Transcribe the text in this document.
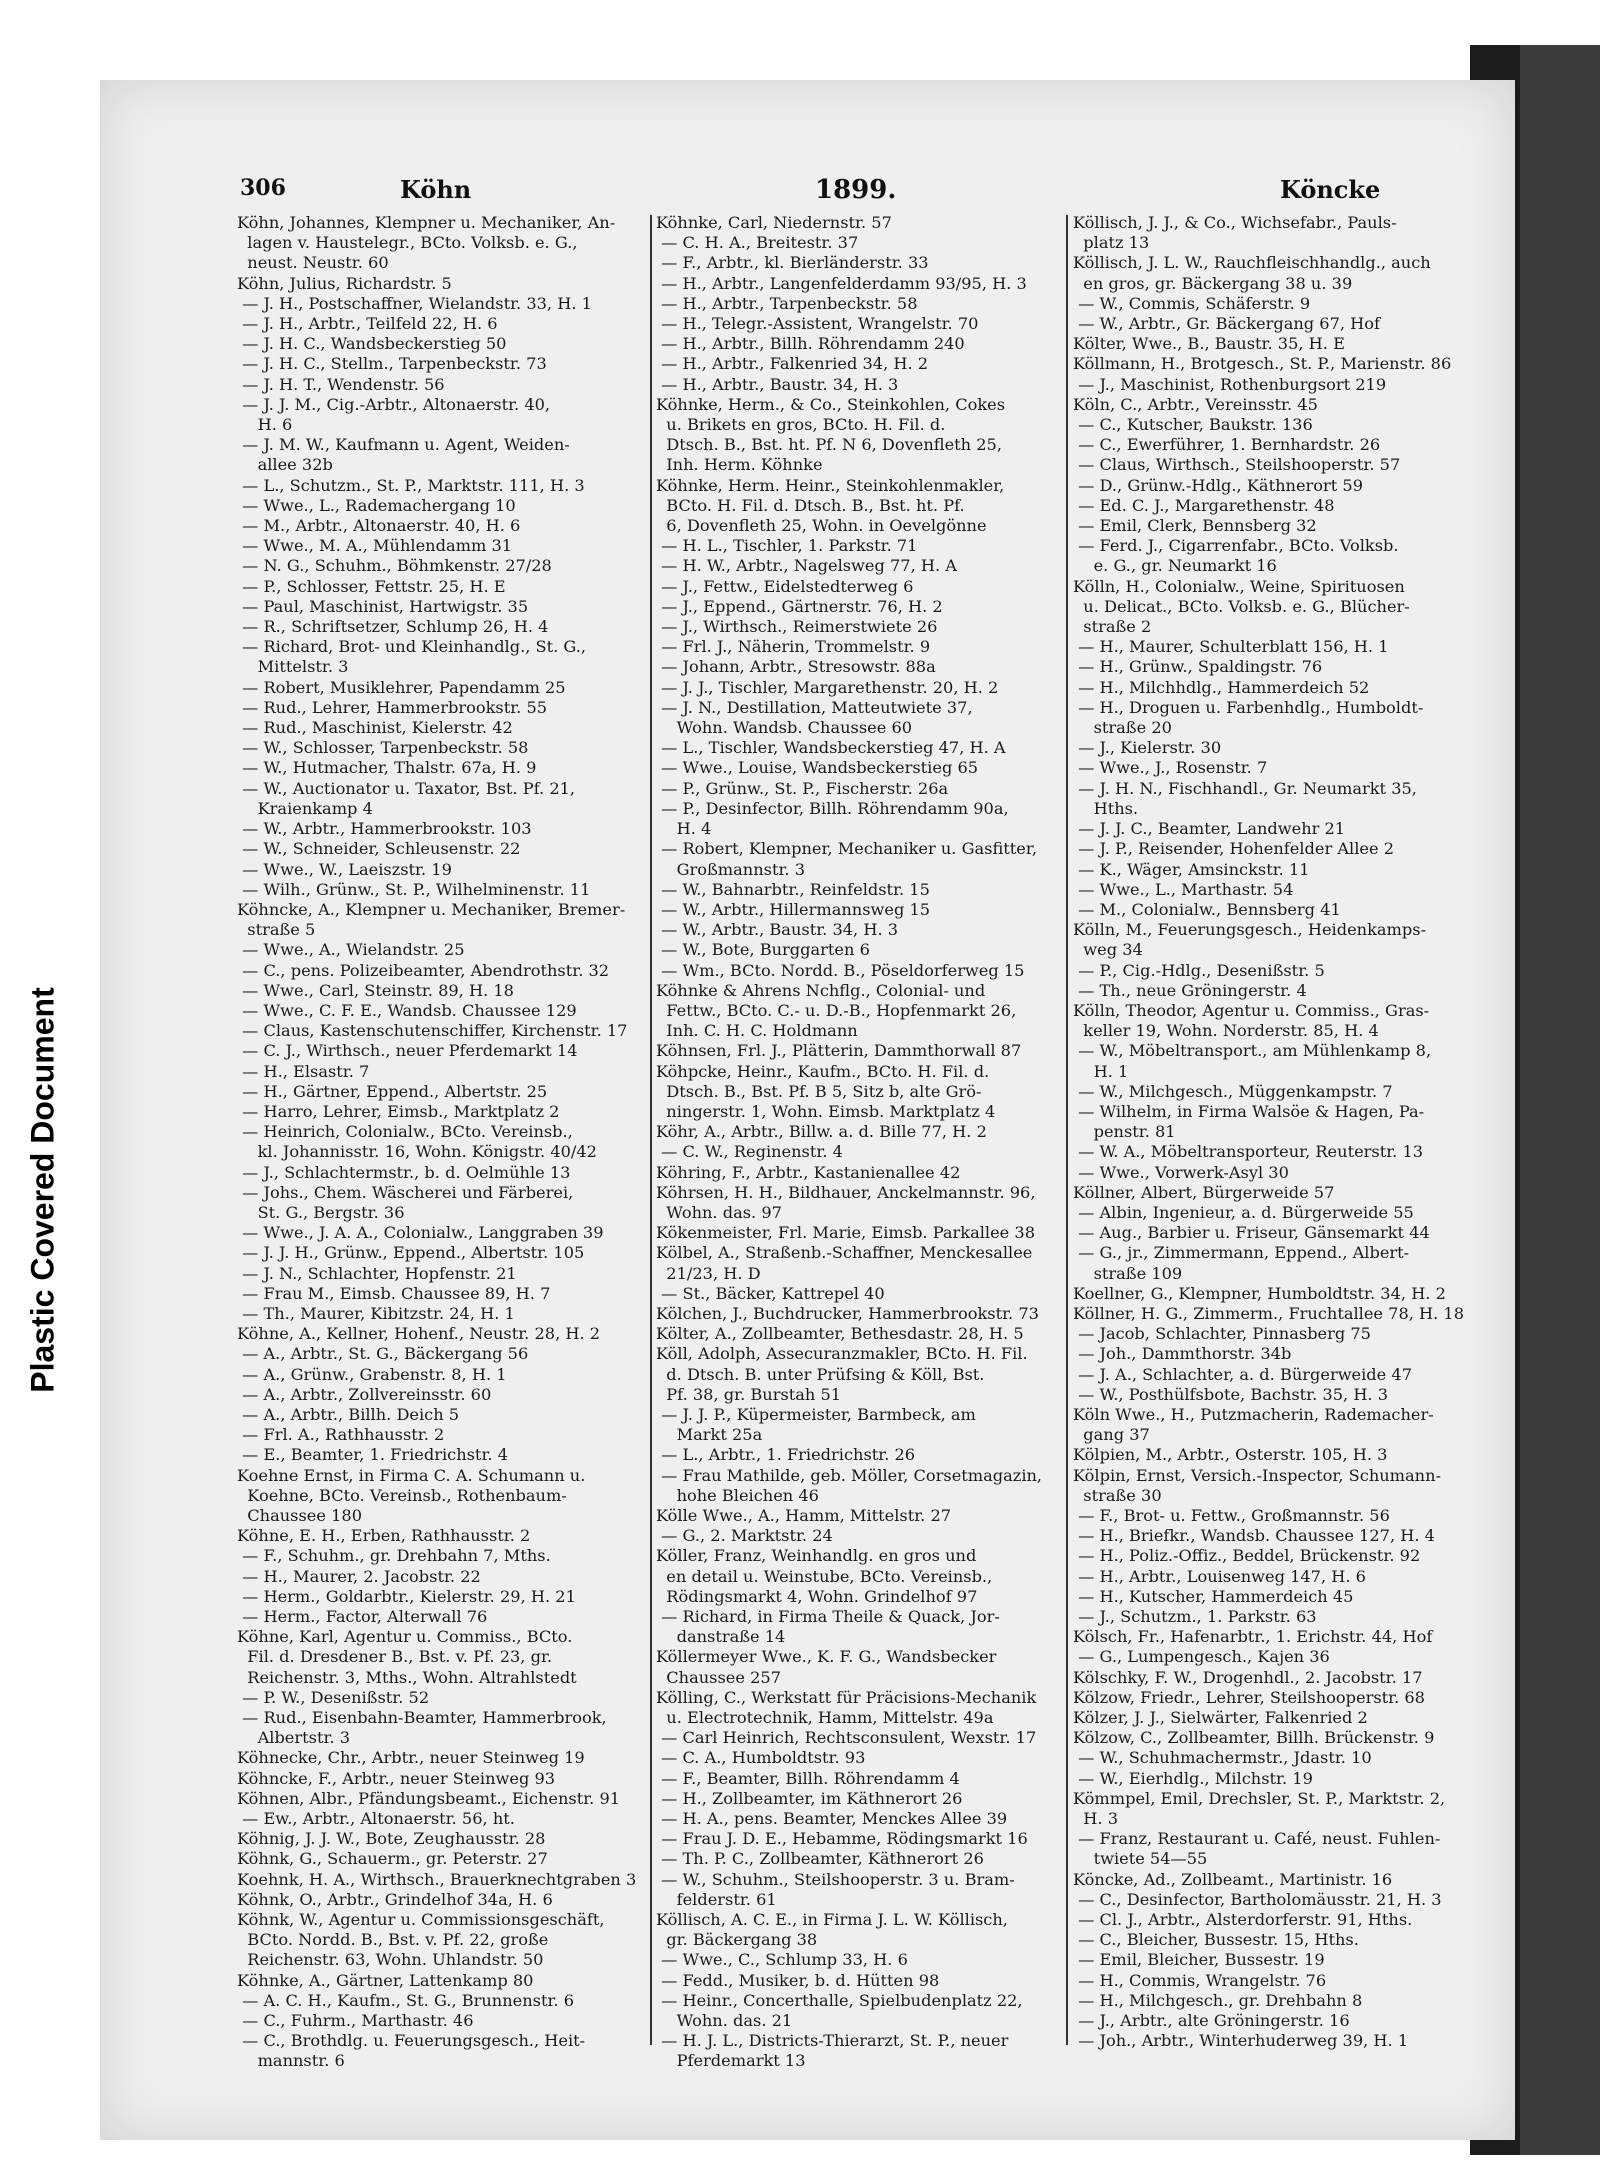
Plastic Covered Document
306	Köhn	1899.	Köncke

Köhn, Johannes, Klempner u. Mechaniker, An-

lagen v. Haustelegr., BCto. Volksb. e. G.,

neust. Neustr. 60

Köhn, Julius, Richardstr. 5

— J. H., Postschaffner, Wielandstr. 33, H. 1

— J. H., Arbtr., Teilfeld 22, H. 6

— J. H. C., Wandsbeckerstieg 50

— J. H. C., Stellm., Tarpenbeckstr. 73

— J. H. T., Wendenstr. 56

— J. J. M., Cig.-Arbtr., Altonaerstr. 40,

H. 6

— J. M. W., Kaufmann u. Agent, Weiden-

allee 32b

— L., Schutzm., St. P., Marktstr. 111, H. 3

— Wwe., L., Rademachergang 10

— M., Arbtr., Altonaerstr. 40, H. 6

— Wwe., M. A., Mühlendamm 31

— N. G., Schuhm., Böhmkenstr. 27/28

— P., Schlosser, Fettstr. 25, H. E

— Paul, Maschinist, Hartwigstr. 35

— R., Schriftsetzer, Schlump 26, H. 4

— Richard, Brot- und Kleinhandlg., St. G.,

Mittelstr. 3

— Robert, Musiklehrer, Papendamm 25

— Rud., Lehrer, Hammerbrookstr. 55

— Rud., Maschinist, Kielerstr. 42

— W., Schlosser, Tarpenbeckstr. 58

— W., Hutmacher, Thalstr. 67a, H. 9

— W., Auctionator u. Taxator, Bst. Pf. 21,

Kraienkamp 4

— W., Arbtr., Hammerbrookstr. 103

— W., Schneider, Schleusenstr. 22

— Wwe., W., Laeiszstr. 19

— Wilh., Grünw., St. P., Wilhelminenstr. 11

Köhncke, A., Klempner u. Mechaniker, Bremer-

straße 5

— Wwe., A., Wielandstr. 25

— C., pens. Polizeibeamter, Abendrothstr. 32

— Wwe., Carl, Steinstr. 89, H. 18

— Wwe., C. F. E., Wandsb. Chaussee 129

— Claus, Kastenschutenschiffer, Kirchenstr. 17

— C. J., Wirthsch., neuer Pferdemarkt 14

— H., Elsastr. 7

— H., Gärtner, Eppend., Albertstr. 25

— Harro, Lehrer, Eimsb., Marktplatz 2

— Heinrich, Colonialw., BCto. Vereinsb.,

kl. Johannisstr. 16, Wohn. Königstr. 40/42

— J., Schlachtermstr., b. d. Oelmühle 13

— Johs., Chem. Wäscherei und Färberei,

St. G., Bergstr. 36

— Wwe., J. A. A., Colonialw., Langgraben 39

— J. J. H., Grünw., Eppend., Albertstr. 105

— J. N., Schlachter, Hopfenstr. 21

— Frau M., Eimsb. Chaussee 89, H. 7

— Th., Maurer, Kibitzstr. 24, H. 1

Köhne, A., Kellner, Hohenf., Neustr. 28, H. 2

— A., Arbtr., St. G., Bäckergang 56

— A., Grünw., Grabenstr. 8, H. 1

— A., Arbtr., Zollvereinsstr. 60

— A., Arbtr., Billh. Deich 5

— Frl. A., Rathhausstr. 2

— E., Beamter, 1. Friedrichstr. 4

Koehne Ernst, in Firma C. A. Schumann u.

Koehne, BCto. Vereinsb., Rothenbaum-

Chaussee 180

Köhne, E. H., Erben, Rathhausstr. 2

— F., Schuhm., gr. Drehbahn 7, Mths.

— H., Maurer, 2. Jacobstr. 22

— Herm., Goldarbtr., Kielerstr. 29, H. 21

— Herm., Factor, Alterwall 76

Köhne, Karl, Agentur u. Commiss., BCto.

Fil. d. Dresdener B., Bst. v. Pf. 23, gr.

Reichenstr. 3, Mths., Wohn. Altrahlstedt

— P. W., Desenißstr. 52

— Rud., Eisenbahn-Beamter, Hammerbrook,

Albertstr. 3

Köhnecke, Chr., Arbtr., neuer Steinweg 19

Köhncke, F., Arbtr., neuer Steinweg 93

Köhnen, Albr., Pfändungsbeamt., Eichenstr. 91

— Ew., Arbtr., Altonaerstr. 56, ht.

Köhnig, J. J. W., Bote, Zeughausstr. 28

Köhnk, G., Schauerm., gr. Peterstr. 27

Koehnk, H. A., Wirthsch., Brauerknechtgraben 3

Köhnk, O., Arbtr., Grindelhof 34a, H. 6

Köhnk, W., Agentur u. Commissionsgeschäft,

BCto. Nordd. B., Bst. v. Pf. 22, große

Reichenstr. 63, Wohn. Uhlandstr. 50

Köhnke, A., Gärtner, Lattenkamp 80

— A. C. H., Kaufm., St. G., Brunnenstr. 6

— C., Fuhrm., Marthastr. 46

— C., Brothdlg. u. Feuerungsgesch., Heit-

mannstr. 6

Köhnke, Carl, Niedernstr. 57

— C. H. A., Breitestr. 37

— F., Arbtr., kl. Bierländerstr. 33

— H., Arbtr., Langenfelderdamm 93/95, H. 3

— H., Arbtr., Tarpenbeckstr. 58

— H., Telegr.-Assistent, Wrangelstr. 70

— H., Arbtr., Billh. Röhrendamm 240

— H., Arbtr., Falkenried 34, H. 2

— H., Arbtr., Baustr. 34, H. 3

Köhnke, Herm., & Co., Steinkohlen, Cokes

u. Brikets en gros, BCto. H. Fil. d.

Dtsch. B., Bst. ht. Pf. N 6, Dovenfleth 25,

Inh. Herm. Köhnke

Köhnke, Herm. Heinr., Steinkohlenmakler,

BCto. H. Fil. d. Dtsch. B., Bst. ht. Pf.

6, Dovenfleth 25, Wohn. in Oevelgönne

— H. L., Tischler, 1. Parkstr. 71

— H. W., Arbtr., Nagelsweg 77, H. A

— J., Fettw., Eidelstedterweg 6

— J., Eppend., Gärtnerstr. 76, H. 2

— J., Wirthsch., Reimerstwiete 26

— Frl. J., Näherin, Trommelstr. 9

— Johann, Arbtr., Stresowstr. 88a

— J. J., Tischler, Margarethenstr. 20, H. 2

— J. N., Destillation, Matteutwiete 37,

Wohn. Wandsb. Chaussee 60

— L., Tischler, Wandsbeckerstieg 47, H. A

— Wwe., Louise, Wandsbeckerstieg 65

— P., Grünw., St. P., Fischerstr. 26a

— P., Desinfector, Billh. Röhrendamm 90a,

H. 4

— Robert, Klempner, Mechaniker u. Gasfitter,

Großmannstr. 3

— W., Bahnarbtr., Reinfeldstr. 15

— W., Arbtr., Hillermannsweg 15

— W., Arbtr., Baustr. 34, H. 3

— W., Bote, Burggarten 6

— Wm., BCto. Nordd. B., Pöseldorferweg 15

Köhnke & Ahrens Nchflg., Colonial- und

Fettw., BCto. C.- u. D.-B., Hopfenmarkt 26,

Inh. C. H. C. Holdmann

Köhnsen, Frl. J., Plätterin, Dammthorwall 87

Köhpcke, Heinr., Kaufm., BCto. H. Fil. d.

Dtsch. B., Bst. Pf. B 5, Sitz b, alte Grö-

ningerstr. 1, Wohn. Eimsb. Marktplatz 4

Köhr, A., Arbtr., Billw. a. d. Bille 77, H. 2

— C. W., Reginenstr. 4

Köhring, F., Arbtr., Kastanienallee 42

Köhrsen, H. H., Bildhauer, Anckelmannstr. 96,

Wohn. das. 97

Kökenmeister, Frl. Marie, Eimsb. Parkallee 38

Kölbel, A., Straßenb.-Schaffner, Menckesallee

21/23, H. D

— St., Bäcker, Kattrepel 40

Kölchen, J., Buchdrucker, Hammerbrookstr. 73

Költer, A., Zollbeamter, Bethesdastr. 28, H. 5

Köll, Adolph, Assecuranzmakler, BCto. H. Fil.

d. Dtsch. B. unter Prüfsing & Köll, Bst.

Pf. 38, gr. Burstah 51

— J. J. P., Küpermeister, Barmbeck, am

Markt 25a

— L., Arbtr., 1. Friedrichstr. 26

— Frau Mathilde, geb. Möller, Corsetmagazin,

hohe Bleichen 46

Kölle Wwe., A., Hamm, Mittelstr. 27

— G., 2. Marktstr. 24

Köller, Franz, Weinhandlg. en gros und

en detail u. Weinstube, BCto. Vereinsb.,

Rödingsmarkt 4, Wohn. Grindelhof 97

— Richard, in Firma Theile & Quack, Jor-

danstraße 14

Köllermeyer Wwe., K. F. G., Wandsbecker

Chaussee 257

Kölling, C., Werkstatt für Präcisions-Mechanik

u. Electrotechnik, Hamm, Mittelstr. 49a

— Carl Heinrich, Rechtsconsulent, Wexstr. 17

— C. A., Humboldtstr. 93

— F., Beamter, Billh. Röhrendamm 4

— H., Zollbeamter, im Käthnerort 26

— H. A., pens. Beamter, Menckes Allee 39

— Frau J. D. E., Hebamme, Rödingsmarkt 16

— Th. P. C., Zollbeamter, Käthnerort 26

— W., Schuhm., Steilshooperstr. 3 u. Bram-

felderstr. 61

Köllisch, A. C. E., in Firma J. L. W. Köllisch,

gr. Bäckergang 38

— Wwe., C., Schlump 33, H. 6

— Fedd., Musiker, b. d. Hütten 98

— Heinr., Concerthalle, Spielbudenplatz 22,

Wohn. das. 21

— H. J. L., Districts-Thierarzt, St. P., neuer

Pferdemarkt 13

Köllisch, J. J., & Co., Wichsefabr., Pauls-

platz 13

Köllisch, J. L. W., Rauchfleischhandlg., auch

en gros, gr. Bäckergang 38 u. 39

— W., Commis, Schäferstr. 9

— W., Arbtr., Gr. Bäckergang 67, Hof

Költer, Wwe., B., Baustr. 35, H. E

Köllmann, H., Brotgesch., St. P., Marienstr. 86

— J., Maschinist, Rothenburgsort 219

Köln, C., Arbtr., Vereinsstr. 45

— C., Kutscher, Baukstr. 136

— C., Ewerführer, 1. Bernhardstr. 26

— Claus, Wirthsch., Steilshooperstr. 57

— D., Grünw.-Hdlg., Käthnerort 59

— Ed. C. J., Margarethenstr. 48

— Emil, Clerk, Bennsberg 32

— Ferd. J., Cigarrenfabr., BCto. Volksb.

e. G., gr. Neumarkt 16

Kölln, H., Colonialw., Weine, Spirituosen

u. Delicat., BCto. Volksb. e. G., Blücher-

straße 2

— H., Maurer, Schulterblatt 156, H. 1

— H., Grünw., Spaldingstr. 76

— H., Milchhdlg., Hammerdeich 52

— H., Droguen u. Farbenhdlg., Humboldt-

straße 20

— J., Kielerstr. 30

— Wwe., J., Rosenstr. 7

— J. H. N., Fischhandl., Gr. Neumarkt 35,

Hths.

— J. J. C., Beamter, Landwehr 21

— J. P., Reisender, Hohenfelder Allee 2

— K., Wäger, Amsinckstr. 11

— Wwe., L., Marthastr. 54

— M., Colonialw., Bennsberg 41

Kölln, M., Feuerungsgesch., Heidenkamps-

weg 34

— P., Cig.-Hdlg., Desenißstr. 5

— Th., neue Gröningerstr. 4

Kölln, Theodor, Agentur u. Commiss., Gras-

keller 19, Wohn. Norderstr. 85, H. 4

— W., Möbeltransport., am Mühlenkamp 8,

H. 1

— W., Milchgesch., Müggenkampstr. 7

— Wilhelm, in Firma Walsöe & Hagen, Pa-

penstr. 81

— W. A., Möbeltransporteur, Reuterstr. 13

— Wwe., Vorwerk-Asyl 30

Köllner, Albert, Bürgerweide 57

— Albin, Ingenieur, a. d. Bürgerweide 55

— Aug., Barbier u. Friseur, Gänsemarkt 44

— G., jr., Zimmermann, Eppend., Albert-

straße 109

Koellner, G., Klempner, Humboldtstr. 34, H. 2

Köllner, H. G., Zimmerm., Fruchtallee 78, H. 18

— Jacob, Schlachter, Pinnasberg 75

— Joh., Dammthorstr. 34b

— J. A., Schlachter, a. d. Bürgerweide 47

— W., Posthülfsbote, Bachstr. 35, H. 3

Köln Wwe., H., Putzmacherin, Rademacher-

gang 37

Kölpien, M., Arbtr., Osterstr. 105, H. 3

Kölpin, Ernst, Versich.-Inspector, Schumann-

straße 30

— F., Brot- u. Fettw., Großmannstr. 56

— H., Briefkr., Wandsb. Chaussee 127, H. 4

— H., Poliz.-Offiz., Beddel, Brückenstr. 92

— H., Arbtr., Louisenweg 147, H. 6

— H., Kutscher, Hammerdeich 45

— J., Schutzm., 1. Parkstr. 63

Kölsch, Fr., Hafenarbtr., 1. Erichstr. 44, Hof

— G., Lumpengesch., Kajen 36

Kölschky, F. W., Drogenhdl., 2. Jacobstr. 17

Kölzow, Friedr., Lehrer, Steilshooperstr. 68

Kölzer, J. J., Sielwärter, Falkenried 2

Kölzow, C., Zollbeamter, Billh. Brückenstr. 9

— W., Schuhmachermstr., Jdastr. 10

— W., Eierhdlg., Milchstr. 19

Kömmpel, Emil, Drechsler, St. P., Marktstr. 2,

H. 3

— Franz, Restaurant u. Café, neust. Fuhlen-

twiete 54—55

Köncke, Ad., Zollbeamt., Martinistr. 16

— C., Desinfector, Bartholomäusstr. 21, H. 3

— Cl. J., Arbtr., Alsterdorferstr. 91, Hths.

— C., Bleicher, Bussestr. 15, Hths.

— Emil, Bleicher, Bussestr. 19

— H., Commis, Wrangelstr. 76

— H., Milchgesch., gr. Drehbahn 8

— J., Arbtr., alte Gröningerstr. 16

— Joh., Arbtr., Winterhuderweg 39, H. 1
